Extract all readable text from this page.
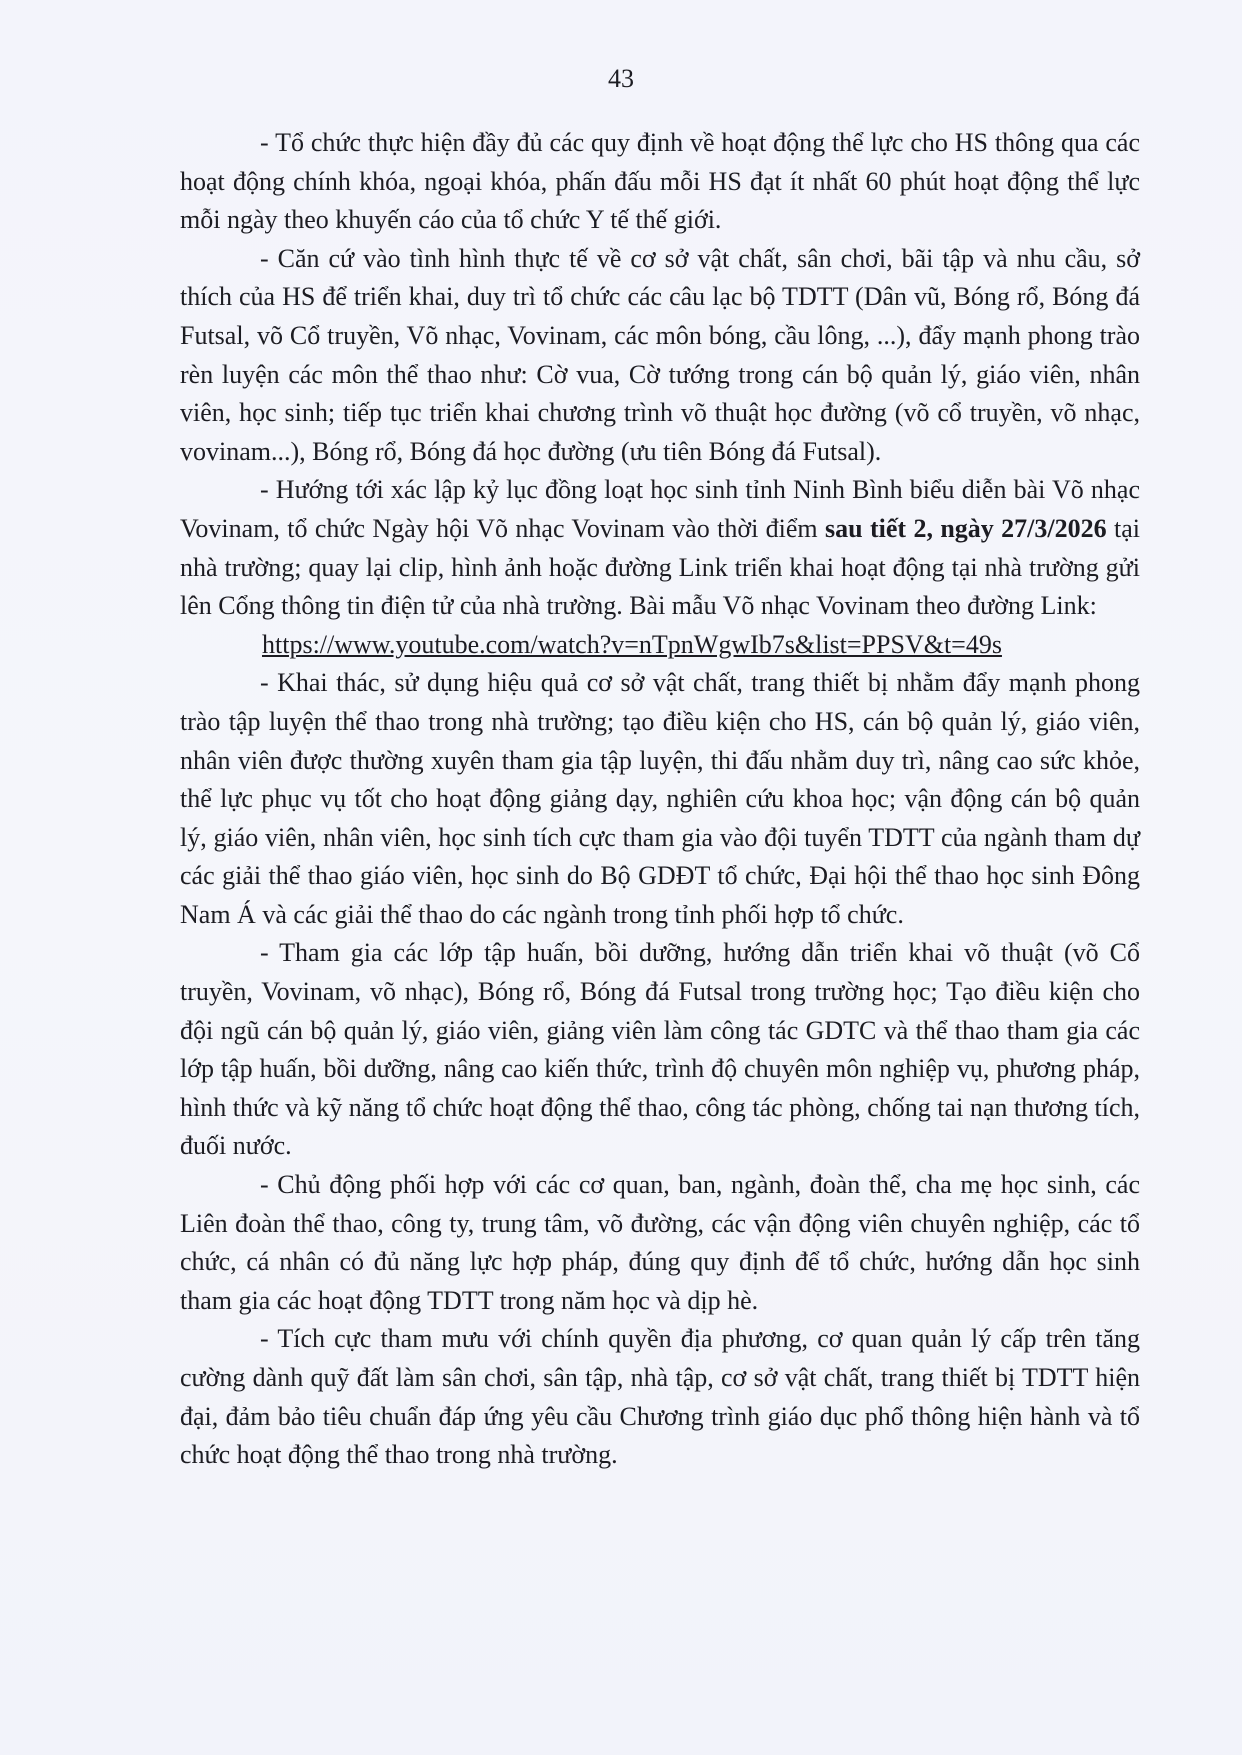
43

- Tổ chức thực hiện đầy đủ các quy định về hoạt động thể lực cho HS thông qua các hoạt động chính khóa, ngoại khóa, phấn đấu mỗi HS đạt ít nhất 60 phút hoạt động thể lực mỗi ngày theo khuyến cáo của tổ chức Y tế thế giới.

- Căn cứ vào tình hình thực tế về cơ sở vật chất, sân chơi, bãi tập và nhu cầu, sở thích của HS để triển khai, duy trì tổ chức các câu lạc bộ TDTT (Dân vũ, Bóng rổ, Bóng đá Futsal, võ Cổ truyền, Võ nhạc, Vovinam, các môn bóng, cầu lông, ...), đẩy mạnh phong trào rèn luyện các môn thể thao như: Cờ vua, Cờ tướng trong cán bộ quản lý, giáo viên, nhân viên, học sinh; tiếp tục triển khai chương trình võ thuật học đường (võ cổ truyền, võ nhạc, vovinam...), Bóng rổ, Bóng đá học đường (ưu tiên Bóng đá Futsal).

- Hướng tới xác lập kỷ lục đồng loạt học sinh tỉnh Ninh Bình biểu diễn bài Võ nhạc Vovinam, tổ chức Ngày hội Võ nhạc Vovinam vào thời điểm sau tiết 2, ngày 27/3/2026 tại nhà trường; quay lại clip, hình ảnh hoặc đường Link triển khai hoạt động tại nhà trường gửi lên Cổng thông tin điện tử của nhà trường. Bài mẫu Võ nhạc Vovinam theo đường Link:

https://www.youtube.com/watch?v=nTpnWgwIb7s&list=PPSV&t=49s

- Khai thác, sử dụng hiệu quả cơ sở vật chất, trang thiết bị nhằm đẩy mạnh phong trào tập luyện thể thao trong nhà trường; tạo điều kiện cho HS, cán bộ quản lý, giáo viên, nhân viên được thường xuyên tham gia tập luyện, thi đấu nhằm duy trì, nâng cao sức khỏe, thể lực phục vụ tốt cho hoạt động giảng dạy, nghiên cứu khoa học; vận động cán bộ quản lý, giáo viên, nhân viên, học sinh tích cực tham gia vào đội tuyển TDTT của ngành tham dự các giải thể thao giáo viên, học sinh do Bộ GDĐT tổ chức, Đại hội thể thao học sinh Đông Nam Á và các giải thể thao do các ngành trong tỉnh phối hợp tổ chức.

- Tham gia các lớp tập huấn, bồi dưỡng, hướng dẫn triển khai võ thuật (võ Cổ truyền, Vovinam, võ nhạc), Bóng rổ, Bóng đá Futsal trong trường học; Tạo điều kiện cho đội ngũ cán bộ quản lý, giáo viên, giảng viên làm công tác GDTC và thể thao tham gia các lớp tập huấn, bồi dưỡng, nâng cao kiến thức, trình độ chuyên môn nghiệp vụ, phương pháp, hình thức và kỹ năng tổ chức hoạt động thể thao, công tác phòng, chống tai nạn thương tích, đuối nước.

- Chủ động phối hợp với các cơ quan, ban, ngành, đoàn thể, cha mẹ học sinh, các Liên đoàn thể thao, công ty, trung tâm, võ đường, các vận động viên chuyên nghiệp, các tổ chức, cá nhân có đủ năng lực hợp pháp, đúng quy định để tổ chức, hướng dẫn học sinh tham gia các hoạt động TDTT trong năm học và dịp hè.

- Tích cực tham mưu với chính quyền địa phương, cơ quan quản lý cấp trên tăng cường dành quỹ đất làm sân chơi, sân tập, nhà tập, cơ sở vật chất, trang thiết bị TDTT hiện đại, đảm bảo tiêu chuẩn đáp ứng yêu cầu Chương trình giáo dục phổ thông hiện hành và tổ chức hoạt động thể thao trong nhà trường.
